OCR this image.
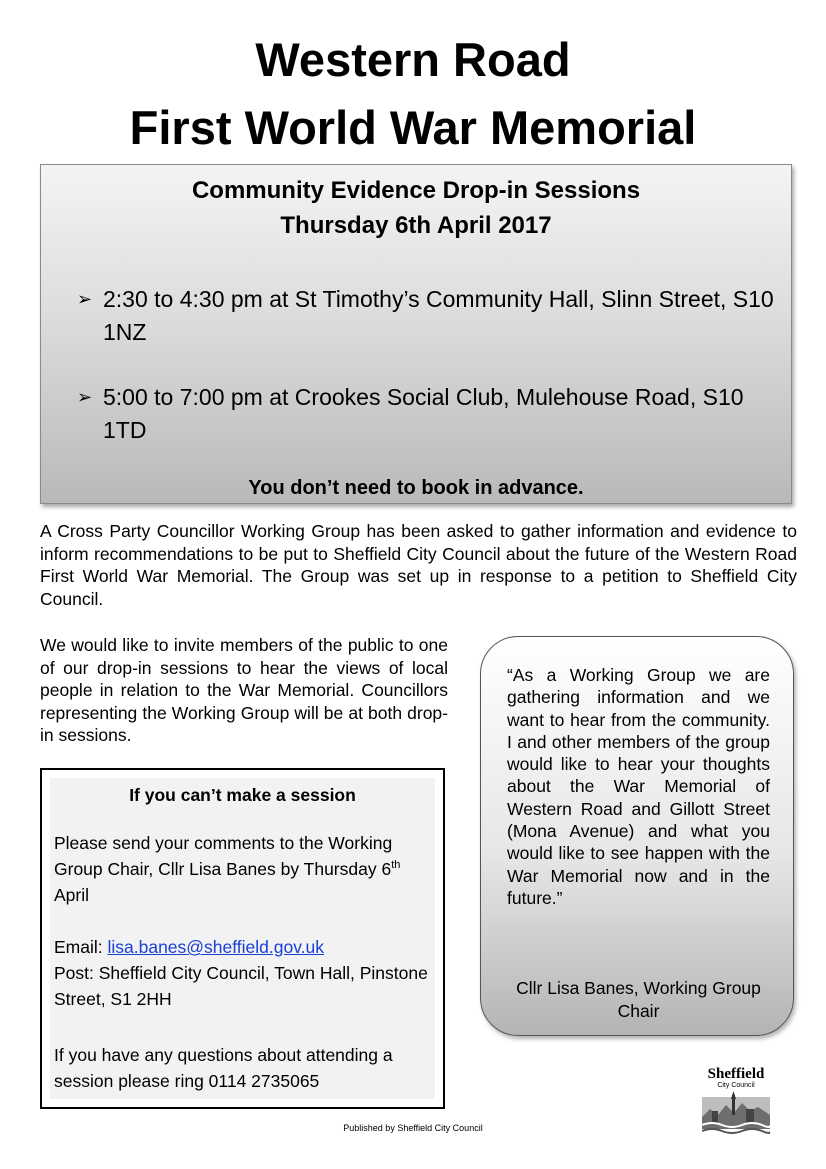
Western Road
First World War Memorial
Community Evidence Drop-in Sessions
Thursday 6th April 2017
➢ 2:30 to 4:30 pm at St Timothy’s Community Hall, Slinn Street, S10 1NZ
➢ 5:00 to 7:00 pm at Crookes Social Club, Mulehouse Road, S10 1TD
You don’t need to book in advance.
A Cross Party Councillor Working Group has been asked to gather information and evidence to inform recommendations to be put to Sheffield City Council about the future of the Western Road First World War Memorial. The Group was set up in response to a petition to Sheffield City Council.
We would like to invite members of the public to one of our drop-in sessions to hear the views of local people in relation to the War Memorial. Councillors representing the Working Group will be at both drop-in sessions.
“As a Working Group we are gathering information and we want to hear from the community. I and other members of the group would like to hear your thoughts about the War Memorial of Western Road and Gillott Street (Mona Avenue) and what you would like to see happen with the War Memorial now and in the future.”
Cllr Lisa Banes, Working Group Chair
If you can’t make a session
Please send your comments to the Working Group Chair, Cllr Lisa Banes by Thursday 6th April
Email: lisa.banes@sheffield.gov.uk
Post: Sheffield City Council, Town Hall, Pinstone Street, S1 2HH
If you have any questions about attending a session please ring 0114 2735065	Sheffield
City Council
Published by Sheffield City Council
